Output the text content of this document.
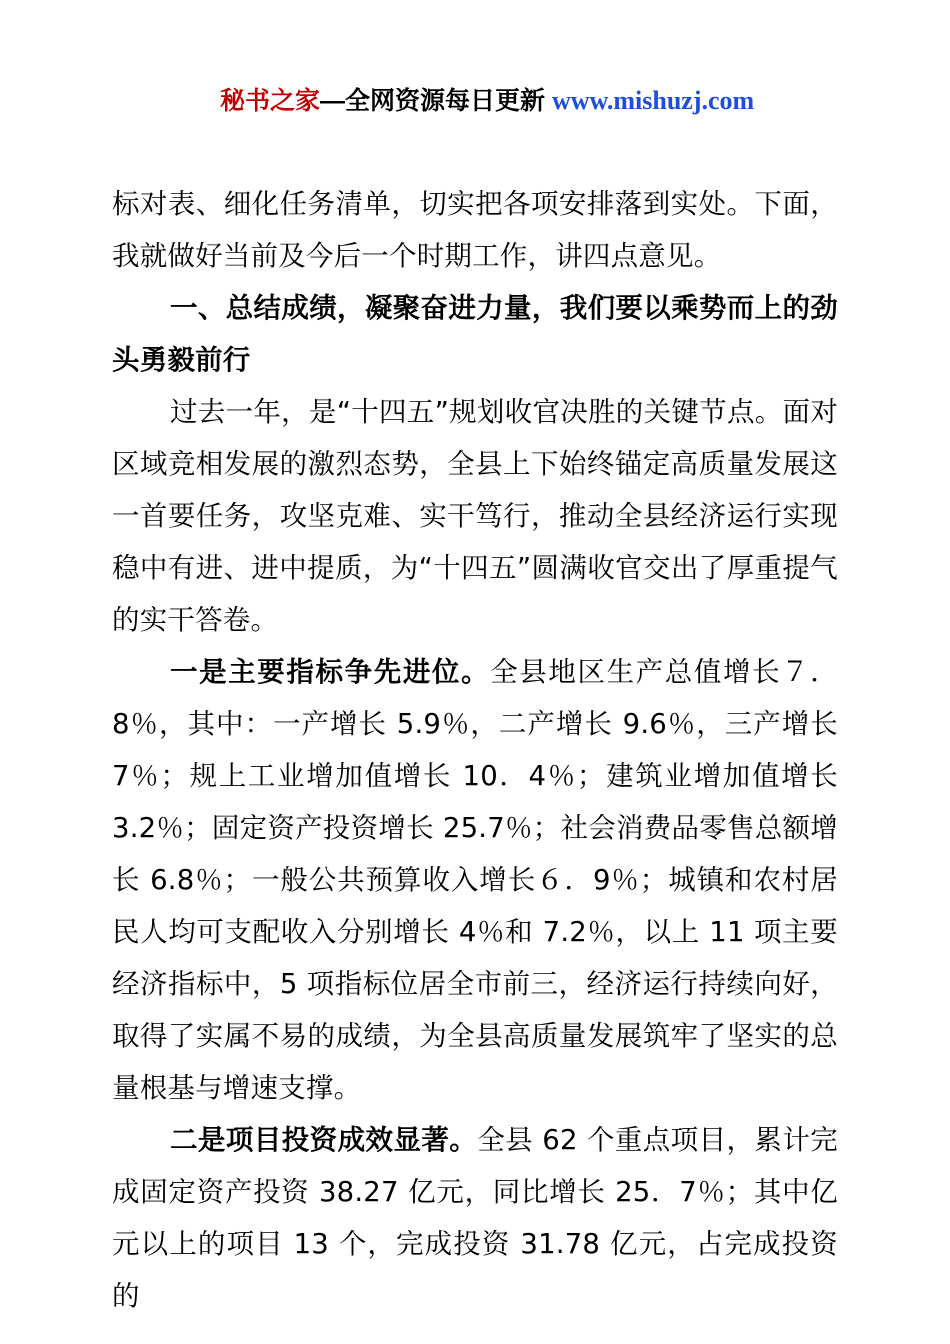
秘书之家—全网资源每日更新 www.mishuzj.com

标对表、细化任务清单，切实把各项安排落到实处。下面，我就做好当前及今后一个时期工作，讲四点意见。

一、总结成绩，凝聚奋进力量，我们要以乘势而上的劲头勇毅前行

过去一年，是“十四五”规划收官决胜的关键节点。面对区域竞相发展的激烈态势，全县上下始终锚定高质量发展这一首要任务，攻坚克难、实干笃行，推动全县经济运行实现稳中有进、进中提质，为“十四五”圆满收官交出了厚重提气的实干答卷。

一是主要指标争先进位。全县地区生产总值增长７．8％，其中：一产增长 5.9％，二产增长 9.6％，三产增长 7％；规上工业增加值增长 10．4％；建筑业增加值增长 3.2％；固定资产投资增长 25.7％；社会消费品零售总额增长 6.8％；一般公共预算收入增长６．9％；城镇和农村居民人均可支配收入分别增长 4％和 7.2％，以上 11 项主要经济指标中，5 项指标位居全市前三，经济运行持续向好，取得了实属不易的成绩，为全县高质量发展筑牢了坚实的总量根基与增速支撑。

二是项目投资成效显著。全县 62 个重点项目，累计完成固定资产投资 38.27 亿元，同比增长 25．7％；其中亿元以上的项目 13 个，完成投资 31.78 亿元，占完成投资的
